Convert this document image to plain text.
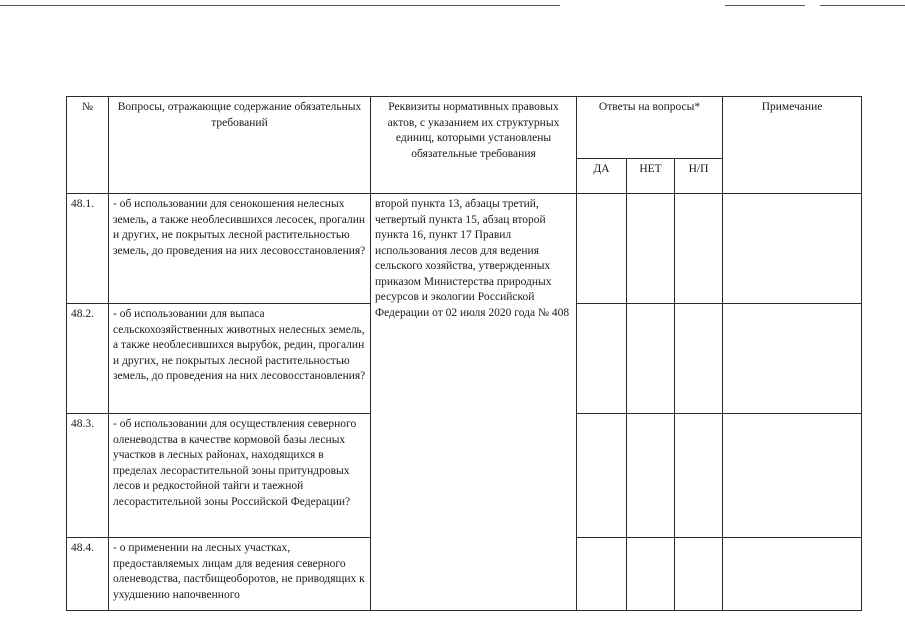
№	Вопросы, отражающие содержание обязательных требований	Реквизиты нормативных правовых актов, с указанием их структурных единиц, которыми установлены обязательные требования	Ответы на вопросы*			Примечание
			ДА	НЕТ	Н/П	
48.1.	- об использовании для сенокошения нелесных земель, а также необлесившихся лесосек, прогалин и других, не покрытых лесной растительностью земель, до проведения на них лесовосстановления?	второй пункта 13, абзацы третий, четвертый пункта 15, абзац второй пункта 16, пункт 17 Правил использования лесов для ведения сельского хозяйства, утвержденных приказом Министерства природных ресурсов и экологии Российской Федерации от 02 июля 2020 года № 408				
48.2.	- об использовании для выпаса сельскохозяйственных животных нелесных земель, а также необлесившихся вырубок, редин, прогалин и других, не покрытых лесной растительностью земель, до проведения на них лесовосстановления?					
48.3.	- об использовании для осуществления северного оленеводства в качестве кормовой базы лесных участков в лесных районах, находящихся в пределах лесорастительной зоны притундровых лесов и редкостойной тайги и таежной лесорастительной зоны Российской Федерации?					
48.4.	- о применении на лесных участках, предоставляемых лицам для ведения северного оленеводства, пастбищеоборотов, не приводящих к ухудшению напочвенного					
